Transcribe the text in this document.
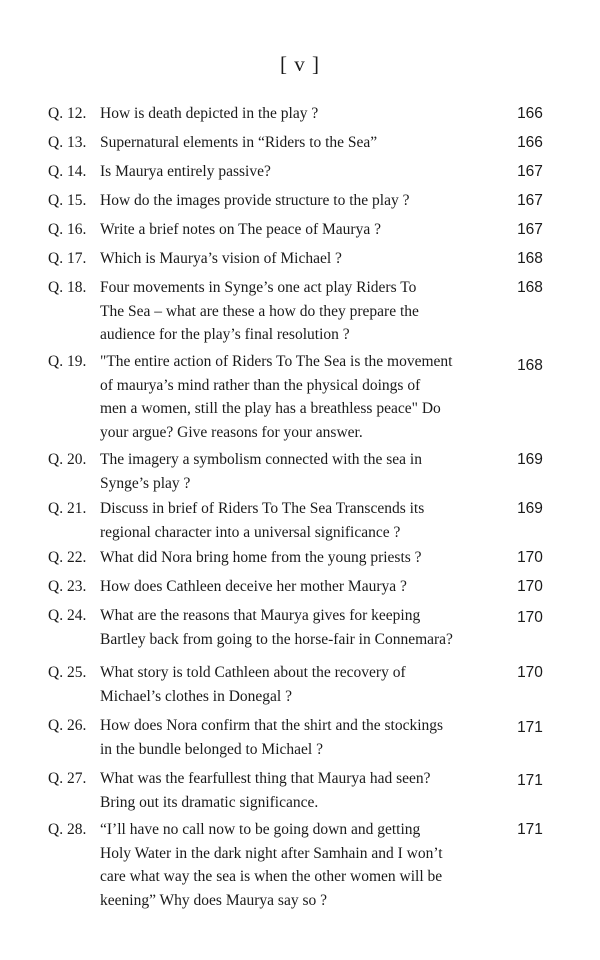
[ v ]
Q. 12. How is death depicted in the play ?	166
Q. 13. Supernatural elements in “Riders to the Sea”	166
Q. 14. Is Maurya entirely passive?	167
Q. 15. How do the images provide structure to the play ?	167
Q. 16. Write a brief notes on The peace of Maurya ?	167
Q. 17. Which is Maurya’s vision of Michael ?	168
Q. 18. Four movements in Synge’s one act play Riders To
The Sea – what are these a how do they prepare the
audience for the play’s final resolution ?
168
Q. 19. "The entire action of Riders To The Sea is the movement
of maurya’s mind rather than the physical doings of
men a women, still the play has a breathless peace" Do
your argue? Give reasons for your answer.
168
Q. 20. The imagery a symbolism connected with the sea in
Synge’s play ?
169
Q. 21. Discuss in brief of Riders To The Sea Transcends its
regional character into a universal significance ?
169
Q. 22. What did Nora bring home from the young priests ?	170
Q. 23. How does Cathleen deceive her mother Maurya ?	170
Q. 24. What are the reasons that Maurya gives for keeping
Bartley back from going to the horse-fair in Connemara?
170
Q. 25. What story is told Cathleen about the recovery of
Michael’s clothes in Donegal ?
170
Q. 26. How does Nora confirm that the shirt and the stockings
in the bundle belonged to Michael ?
171
Q. 27. What was the fearfullest thing that Maurya had seen?
Bring out its dramatic significance.
171
Q. 28. “I’ll have no call now to be going down and getting
Holy Water in the dark night after Samhain and I won’t
care what way the sea is when the other women will be
keening” Why does Maurya say so ?
171
